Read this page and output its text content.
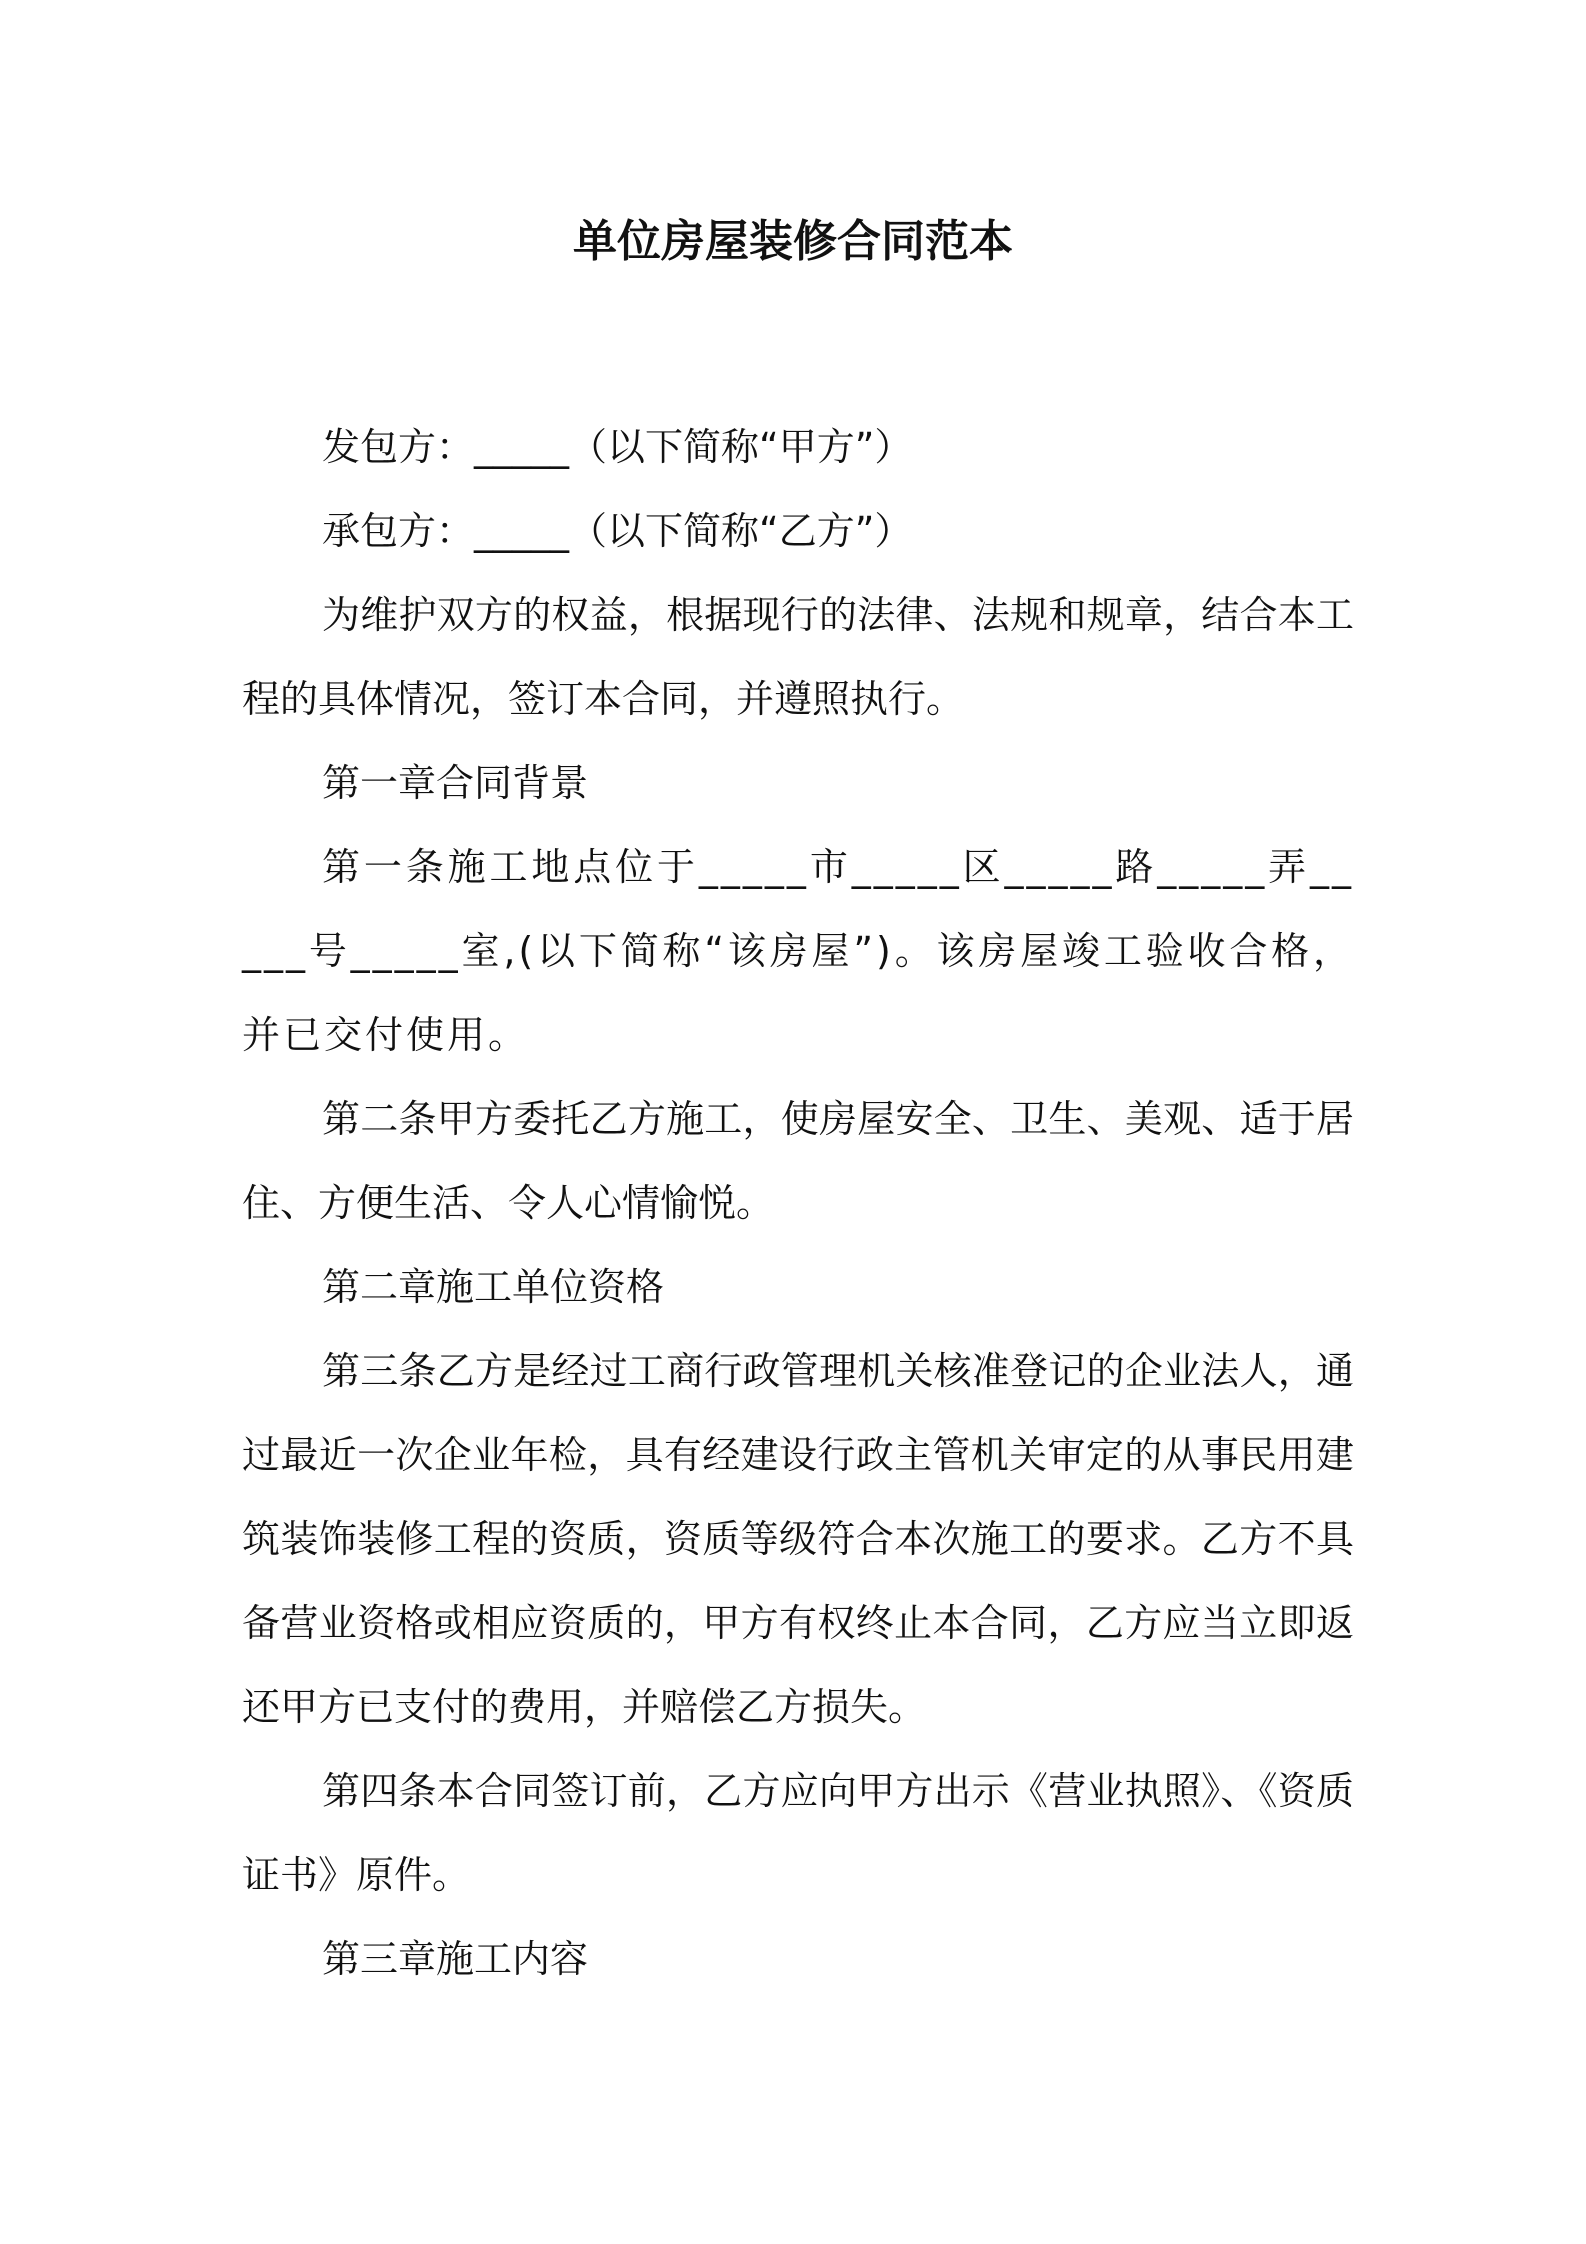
单位房屋装修合同范本

发包方：_____（以下简称“甲方”）

承包方：_____（以下简称“乙方”）

为维护双方的权益，根据现行的法律、法规和规章，结合本工程的具体情况，签订本合同，并遵照执行。

第一章合同背景

第一条施工地点位于_____市_____区_____路_____弄_____号_____室,(以下简称“该房屋”)。该房屋竣工验收合格，并已交付使用。

第二条甲方委托乙方施工，使房屋安全、卫生、美观、适于居住、方便生活、令人心情愉悦。

第二章施工单位资格

第三条乙方是经过工商行政管理机关核准登记的企业法人，通过最近一次企业年检，具有经建设行政主管机关审定的从事民用建筑装饰装修工程的资质，资质等级符合本次施工的要求。乙方不具备营业资格或相应资质的，甲方有权终止本合同，乙方应当立即返还甲方已支付的费用，并赔偿乙方损失。

第四条本合同签订前，乙方应向甲方出示《营业执照》、《资质证书》原件。

第三章施工内容
